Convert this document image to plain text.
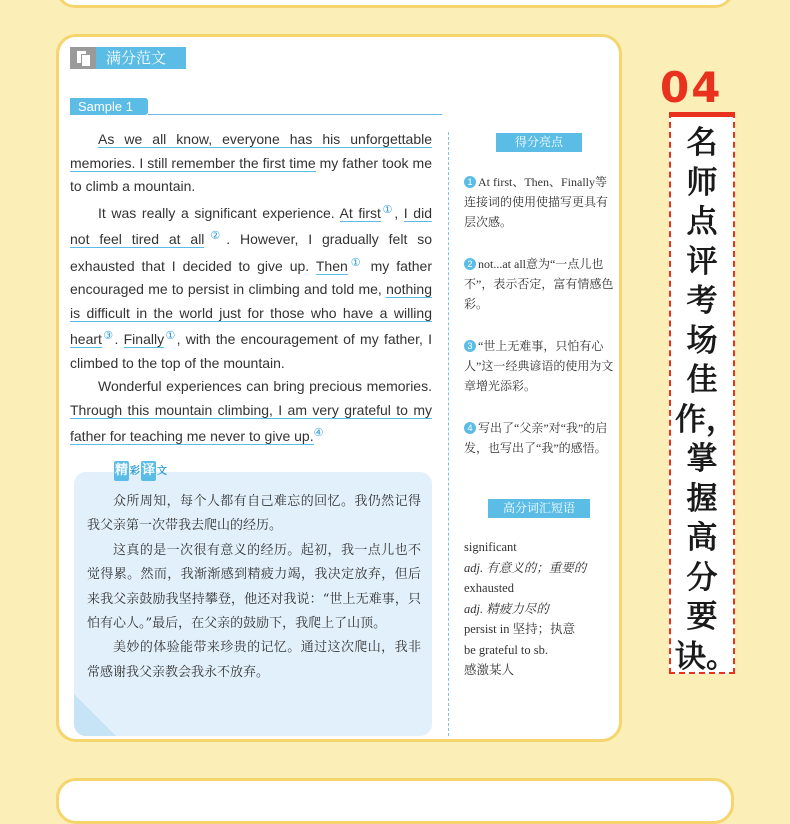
满分范文
Sample 1

As we all know, everyone has his unforgettable memories. I still remember the first time my father took me to climb a mountain.

It was really a significant experience. At first①, I did not feel tired at all②. However, I gradually felt so exhausted that I decided to give up. Then① my father encouraged me to persist in climbing and told me, nothing is difficult in the world just for those who have a willing heart③. Finally①, with the encouragement of my father, I climbed to the top of the mountain.

Wonderful experiences can bring precious memories. Through this mountain climbing, I am very grateful to my father for teaching me never to give up.④

得分亮点
1 At first、Then、Finally等连接词的使用使描写更具有层次感。
2 not...at all意为“一点儿也不”，表示否定，富有情感色彩。
3 “世上无难事，只怕有心人”这一经典谚语的使用为文章增光添彩。
4 写出了“父亲”对“我”的启发，也写出了“我”的感悟。
高分词汇短语
significant
adj. 有意义的；重要的
exhausted
adj. 精疲力尽的
persist in 坚持；执意
be grateful to sb.
感激某人
精 彩 译 文

众所周知，每个人都有自己难忘的回忆。我仍然记得我父亲第一次带我去爬山的经历。

这真的是一次很有意义的经历。起初，我一点儿也不觉得累。然而，我渐渐感到精疲力竭，我决定放弃，但后来我父亲鼓励我坚持攀登，他还对我说：“世上无难事，只怕有心人。”最后，在父亲的鼓励下，我爬上了山顶。

美妙的体验能带来珍贵的记忆。通过这次爬山，我非常感谢我父亲教会我永不放弃。

04
名师点评考场佳作，掌握高分要诀。
